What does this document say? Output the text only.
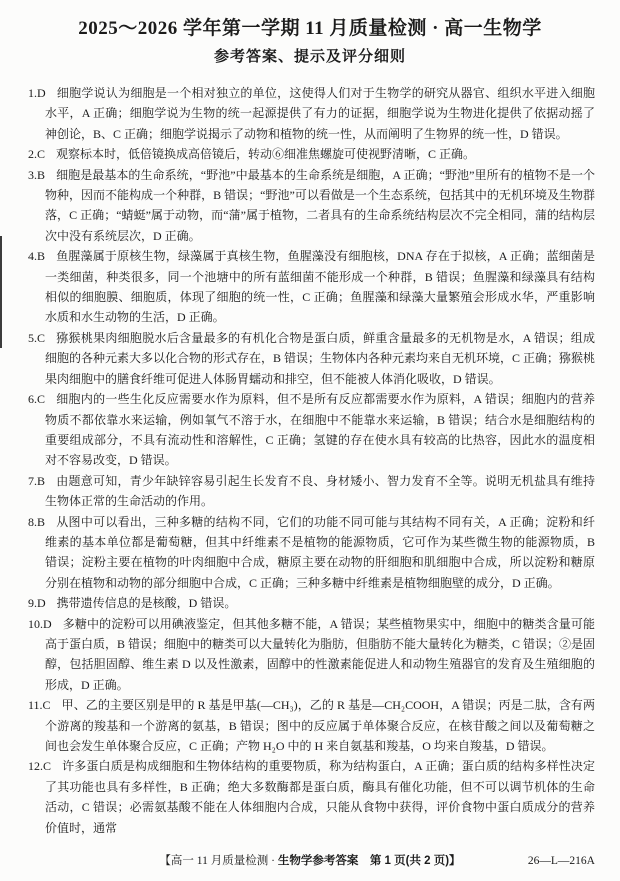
2025～2026 学年第一学期 11 月质量检测 · 高一生物学
参考答案、提示及评分细则

1.D 细胞学说认为细胞是一个相对独立的单位，这使得人们对于生物学的研究从器官、组织水平进入细胞水平，A 正确；细胞学说为生物的统一起源提供了有力的证据，细胞学说为生物进化提供了依据动摇了神创论，B、C 正确；细胞学说揭示了动物和植物的统一性，从而阐明了生物界的统一性，D 错误。

2.C 观察标本时，低倍镜换成高倍镜后，转动⑥细准焦螺旋可使视野清晰，C 正确。

3.B 细胞是最基本的生命系统，“野池”中最基本的生命系统是细胞，A 正确；“野池”里所有的植物不是一个物种，因而不能构成一个种群，B 错误；“野池”可以看做是一个生态系统，包括其中的无机环境及生物群落，C 正确；“蜻蜓”属于动物，而“蒲”属于植物，二者具有的生命系统结构层次不完全相同，蒲的结构层次中没有系统层次，D 正确。

4.B 鱼腥藻属于原核生物，绿藻属于真核生物，鱼腥藻没有细胞核，DNA 存在于拟核，A 正确；蓝细菌是一类细菌，种类很多，同一个池塘中的所有蓝细菌不能形成一个种群，B 错误；鱼腥藻和绿藻具有结构相似的细胞膜、细胞质，体现了细胞的统一性，C 正确；鱼腥藻和绿藻大量繁殖会形成水华，严重影响水质和水生动物的生活，D 正确。

5.C 猕猴桃果肉细胞脱水后含量最多的有机化合物是蛋白质，鲜重含量最多的无机物是水，A 错误；组成细胞的各种元素大多以化合物的形式存在，B 错误；生物体内各种元素均来自无机环境，C 正确；猕猴桃果肉细胞中的膳食纤维可促进人体肠胃蠕动和排空，但不能被人体消化吸收，D 错误。

6.C 细胞内的一些生化反应需要水作为原料，但不是所有反应都需要水作为原料，A 错误；细胞内的营养物质不都依靠水来运输，例如氧气不溶于水，在细胞中不能靠水来运输，B 错误；结合水是细胞结构的重要组成部分，不具有流动性和溶解性，C 正确；氢键的存在使水具有较高的比热容，因此水的温度相对不容易改变，D 错误。

7.B 由题意可知，青少年缺锌容易引起生长发育不良、身材矮小、智力发育不全等。说明无机盐具有维持生物体正常的生命活动的作用。

8.B 从图中可以看出，三种多糖的结构不同，它们的功能不同可能与其结构不同有关，A 正确；淀粉和纤维素的基本单位都是葡萄糖，但其中纤维素不是植物的能源物质，它可作为某些微生物的能源物质，B 错误；淀粉主要在植物的叶肉细胞中合成，糖原主要在动物的肝细胞和肌细胞中合成，所以淀粉和糖原分别在植物和动物的部分细胞中合成，C 正确；三种多糖中纤维素是植物细胞壁的成分，D 正确。

9.D 携带遗传信息的是核酸，D 错误。

10.D 多糖中的淀粉可以用碘液鉴定，但其他多糖不能，A 错误；某些植物果实中，细胞中的糖类含量可能高于蛋白质，B 错误；细胞中的糖类可以大量转化为脂肪，但脂肪不能大量转化为糖类，C 错误；②是固醇，包括胆固醇、维生素 D 以及性激素，固醇中的性激素能促进人和动物生殖器官的发育及生殖细胞的形成，D 正确。

11.C 甲、乙的主要区别是甲的 R 基是甲基(—CH₃)，乙的 R 基是—CH₂COOH，A 错误；丙是二肽，含有两个游离的羧基和一个游离的氨基，B 错误；图中的反应属于单体聚合反应，在核苷酸之间以及葡萄糖之间也会发生单体聚合反应，C 正确；产物 H₂O 中的 H 来自氨基和羧基，O 均来自羧基，D 错误。

12.C 许多蛋白质是构成细胞和生物体结构的重要物质，称为结构蛋白，A 正确；蛋白质的结构多样性决定了其功能也具有多样性，B 正确；绝大多数酶都是蛋白质，酶具有催化功能，但不可以调节机体的生命活动，C 错误；必需氨基酸不能在人体细胞内合成，只能从食物中获得，评价食物中蛋白质成分的营养价值时，通常

【高一 11 月质量检测 · 生物学参考答案　第 1 页(共 2 页)】	26—L—216A
